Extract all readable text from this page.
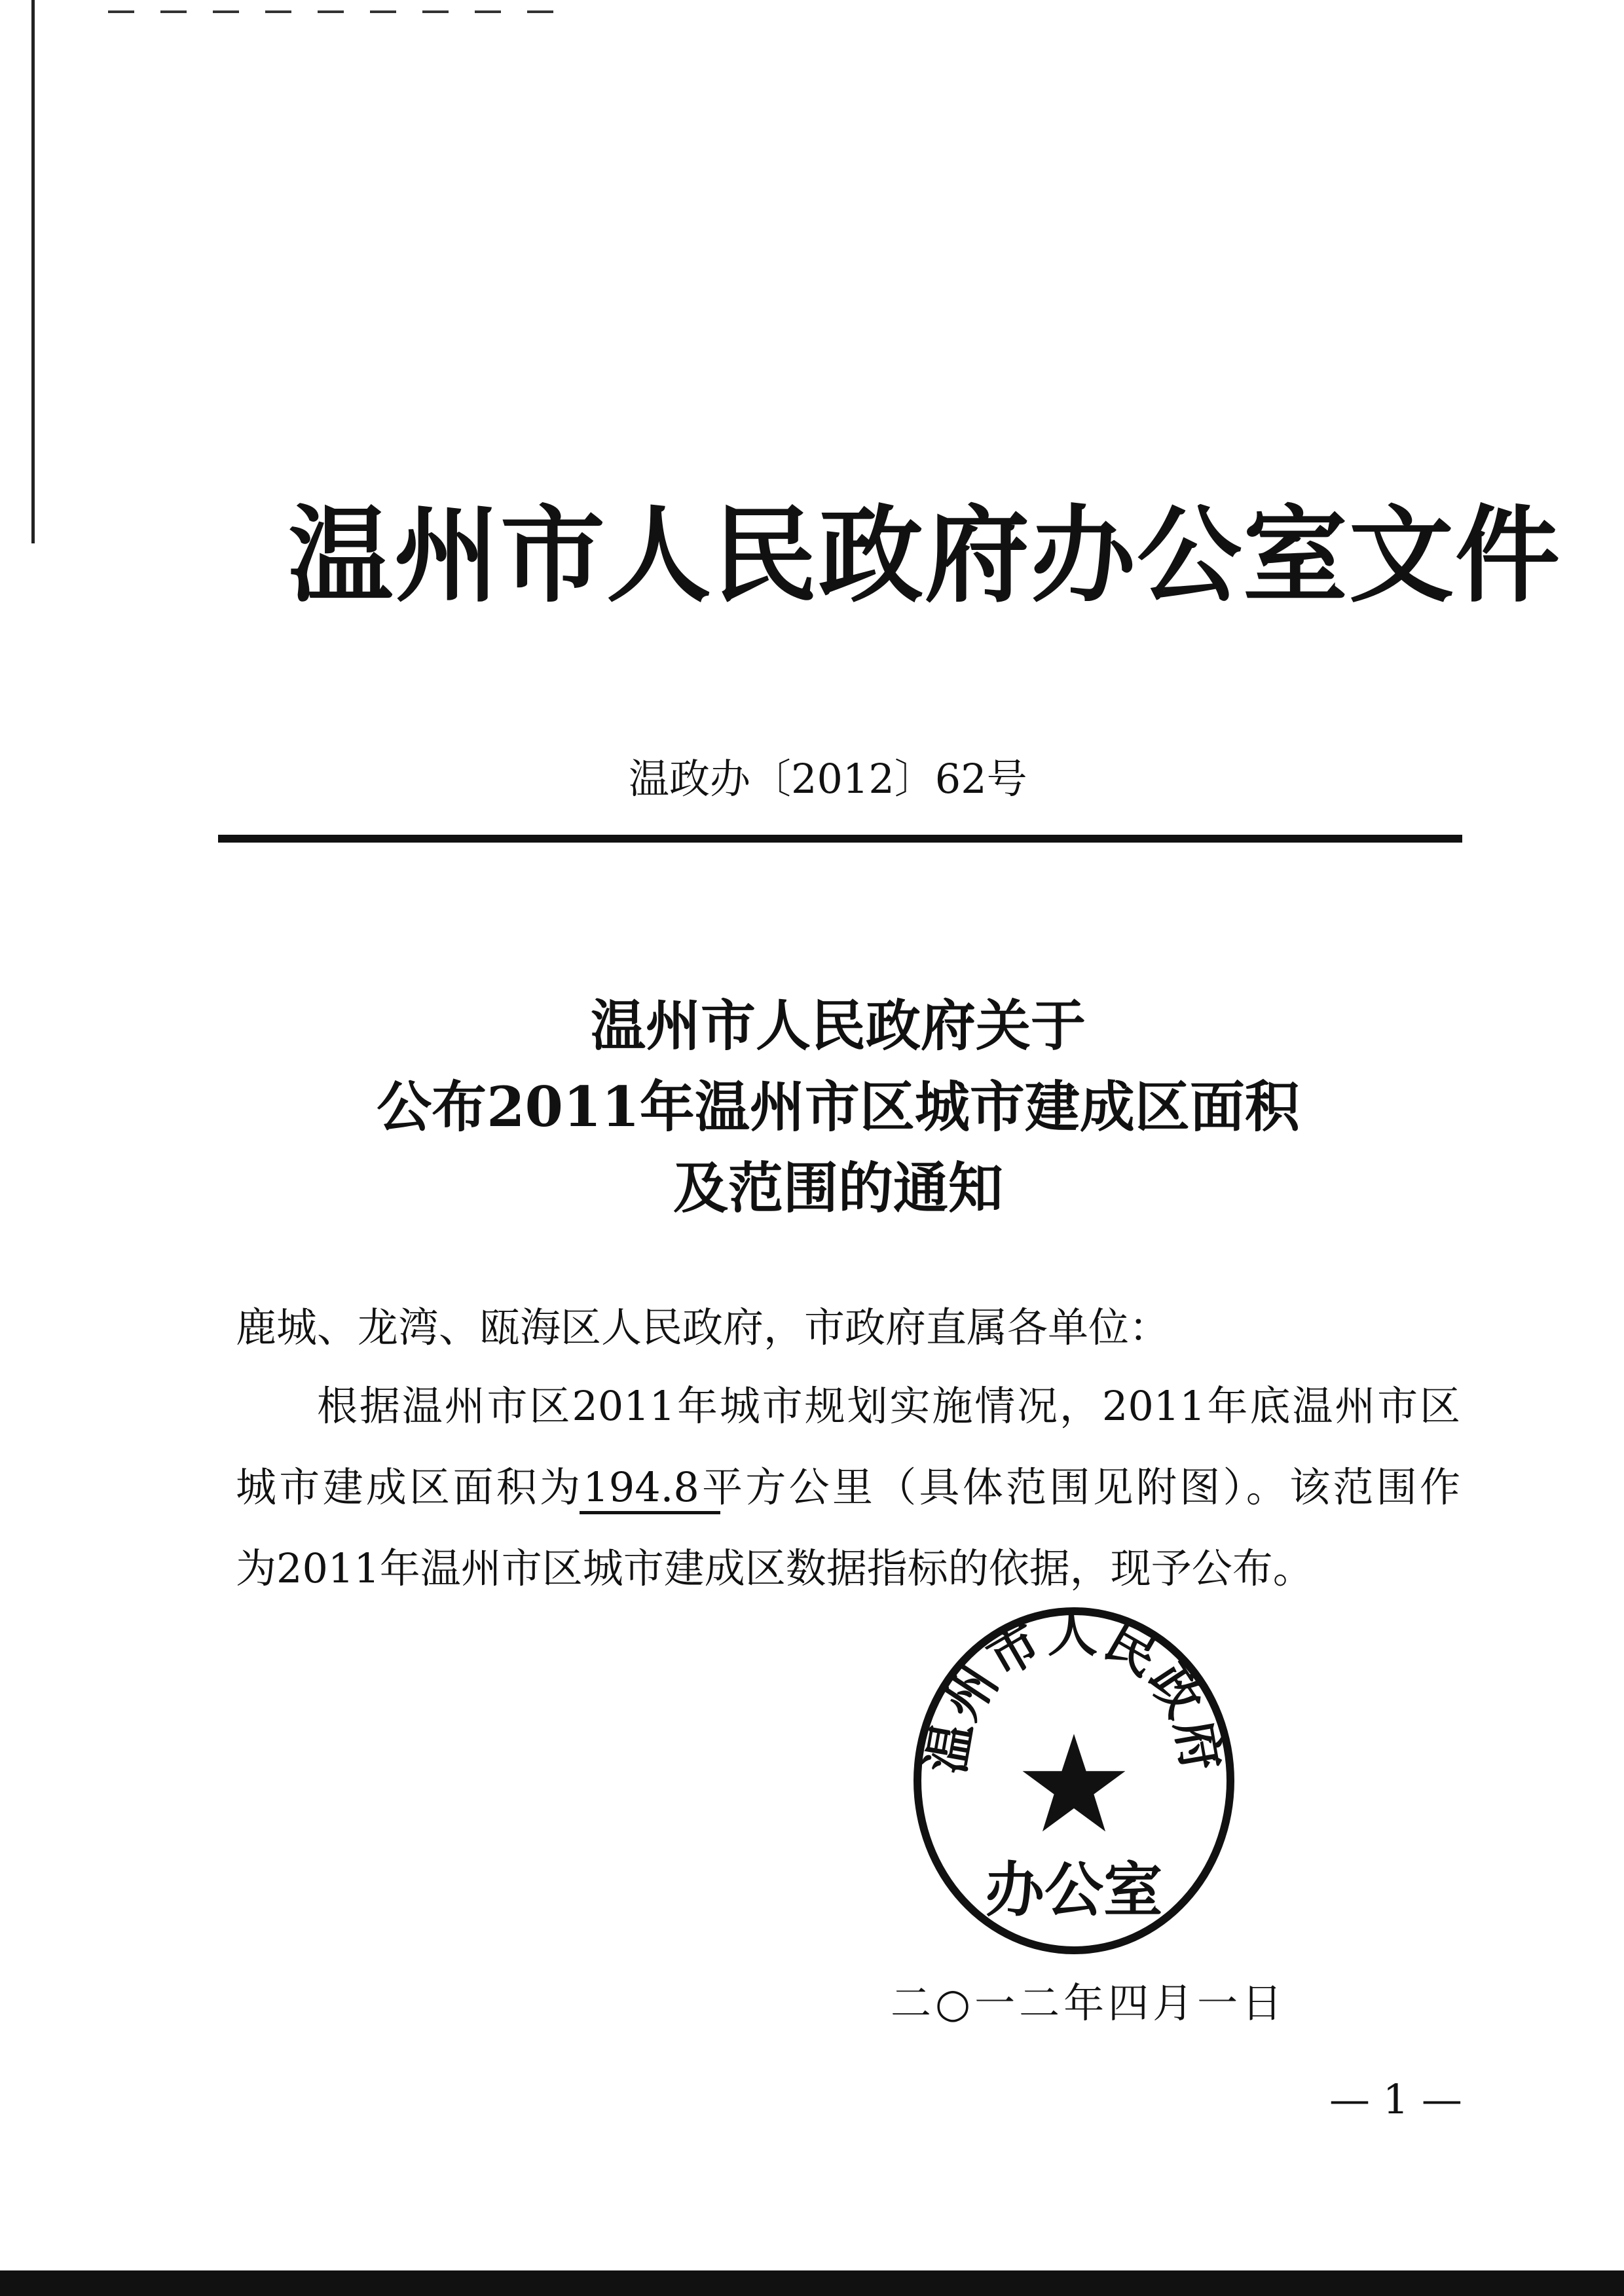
温州市人民政府办公室文件
温政办〔2012〕62号
温州市人民政府关于
公布2011年温州市区城市建成区面积
及范围的通知
鹿城、龙湾、瓯海区人民政府，市政府直属各单位：
根据温州市区2011年城市规划实施情况，2011年底温州市区
城市建成区面积为194.8平方公里（具体范围见附图）。该范围作
为2011年温州市区城市建成区数据指标的依据，现予公布。
温州市人民政府
办公室
二○一二年四月一日
— 1 —
